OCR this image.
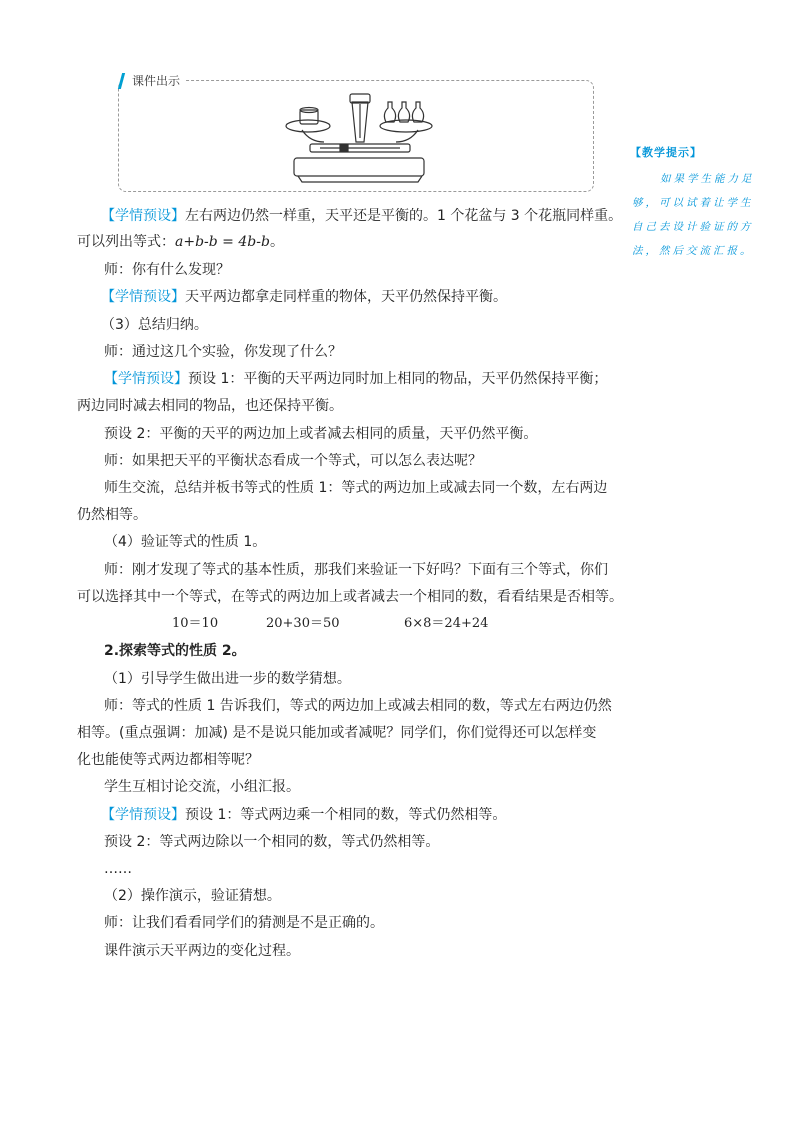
课件出示
【教学提示】
如果学生能力足
够，可以试着让学生
自己去设计验证的方
法，然后交流汇报。
【学情预设】左右两边仍然一样重，天平还是平衡的。1 个花盆与 3 个花瓶同样重。
可以列出等式：a+b-b = 4b-b。
师：你有什么发现？
【学情预设】天平两边都拿走同样重的物体，天平仍然保持平衡。
（3）总结归纳。
师：通过这几个实验，你发现了什么？
【学情预设】预设 1：平衡的天平两边同时加上相同的物品，天平仍然保持平衡；
两边同时减去相同的物品，也还保持平衡。
预设 2：平衡的天平的两边加上或者减去相同的质量，天平仍然平衡。
师：如果把天平的平衡状态看成一个等式，可以怎么表达呢？
师生交流，总结并板书等式的性质 1：等式的两边加上或减去同一个数，左右两边
仍然相等。
（4）验证等式的性质 1。
师：刚才发现了等式的基本性质，那我们来验证一下好吗？下面有三个等式，你们
可以选择其中一个等式，在等式的两边加上或者减去一个相同的数，看看结果是否相等。
10＝10	20+30＝50	6×8＝24+24
2.探索等式的性质 2。
（1）引导学生做出进一步的数学猜想。
师：等式的性质 1 告诉我们，等式的两边加上或减去相同的数，等式左右两边仍然
相等。(重点强调：加减) 是不是说只能加或者减呢？同学们，你们觉得还可以怎样变
化也能使等式两边都相等呢？
学生互相讨论交流，小组汇报。
【学情预设】预设 1：等式两边乘一个相同的数，等式仍然相等。
预设 2：等式两边除以一个相同的数，等式仍然相等。
……
（2）操作演示，验证猜想。
师：让我们看看同学们的猜测是不是正确的。
课件演示天平两边的变化过程。
